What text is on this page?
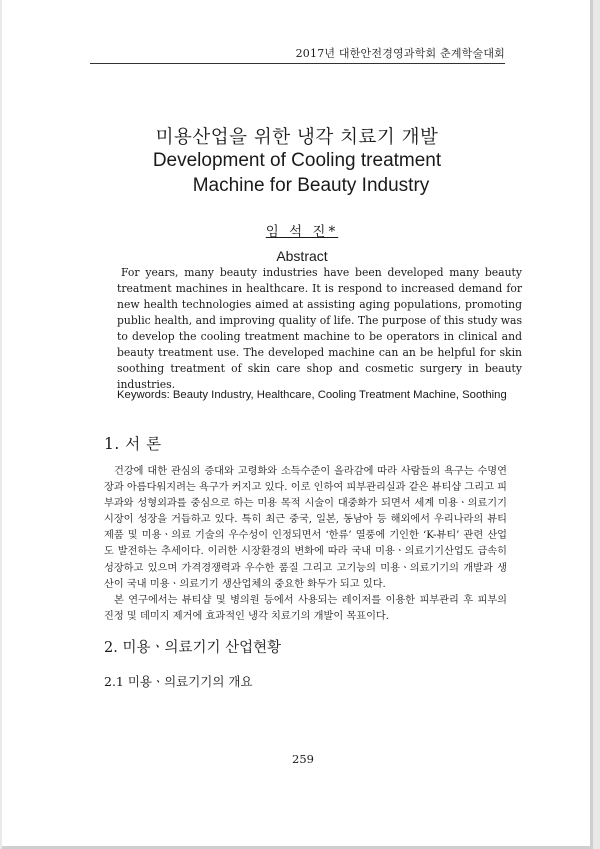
2017년 대한안전경영과학회 춘계학술대회
미용산업을 위한 냉각 치료기 개발
Development of Cooling treatment
Machine for Beauty Industry
임 석 진*
Abstract
For years, many beauty industries have been developed many beauty treatment machines in healthcare. It is respond to increased demand for new health technologies aimed at assisting aging populations, promoting public health, and improving quality of life. The purpose of this study was to develop the cooling treatment machine to be operators in clinical and beauty treatment use. The developed machine can an be helpful for skin soothing treatment of skin care shop and cosmetic surgery in beauty industries.
Keywords: Beauty Industry, Healthcare, Cooling Treatment Machine, Soothing
1. 서 론

건강에 대한 관심의 증대와 고령화와 소득수준이 올라감에 따라 사람들의 욕구는 수명연장과 아름다워지려는 욕구가 커지고 있다. 이로 인하여 피부관리실과 같은 뷰티샵 그리고 피부과와 성형외과를 중심으로 하는 미용 목적 시술이 대중화가 되면서 세계 미용ㆍ의료기기 시장이 성장을 거듭하고 있다. 특히 최근 중국, 일본, 동남아 등 해외에서 우리나라의 뷰티 제품 및 미용ㆍ의료 기술의 우수성이 인정되면서 ‘한류’ 열풍에 기인한 ‘K-뷰티’ 관련 산업도 발전하는 추세이다. 이러한 시장환경의 변화에 따라 국내 미용ㆍ의료기기산업도 급속히 성장하고 있으며 가격경쟁력과 우수한 품질 그리고 고기능의 미용ㆍ의료기기의 개발과 생산이 국내 미용ㆍ의료기기 생산업체의 중요한 화두가 되고 있다.

본 연구에서는 뷰티샵 및 병의원 등에서 사용되는 레이저를 이용한 피부관리 후 피부의 진정 및 데미지 제거에 효과적인 냉각 치료기의 개발이 목표이다.

2. 미용ㆍ의료기기 산업현황
2.1 미용ㆍ의료기기의 개요
259
